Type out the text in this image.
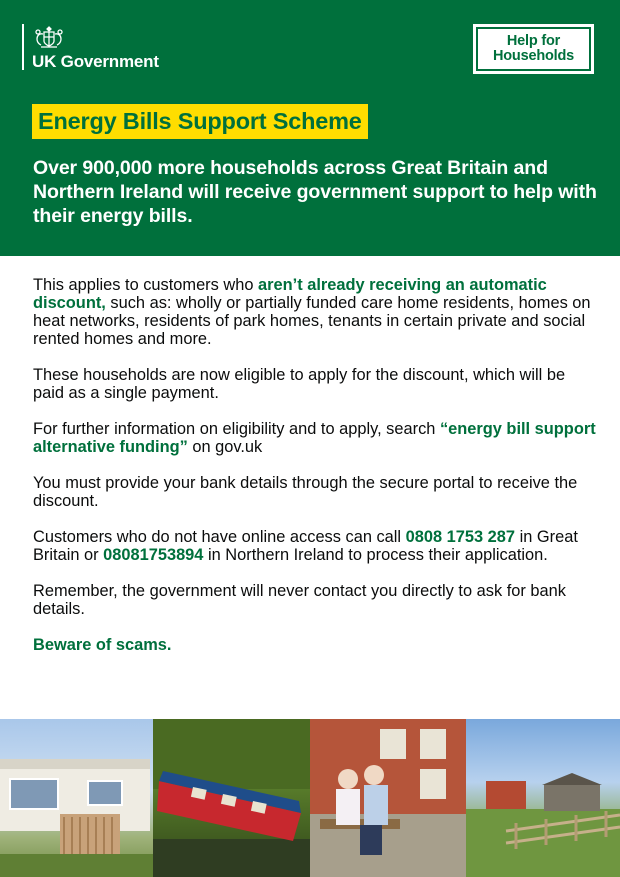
UK Government
Help for
Households
Energy Bills Support Scheme

Over 900,000 more households across Great Britain and Northern Ireland will receive government support to help with their energy bills.

This applies to customers who aren’t already receiving an automatic discount, such as: wholly or partially funded care home residents, homes on heat networks, residents of park homes, tenants in certain private and social rented homes and more.

These households are now eligible to apply for the discount, which will be paid as a single payment.

For further information on eligibility and to apply, search “energy bill support alternative funding” on gov.uk

You must provide your bank details through the secure portal to receive the discount.

Customers who do not have online access can call 0808 1753 287 in Great Britain or 08081753894 in Northern Ireland to process their application.

Remember, the government will never contact you directly to ask for bank details.

Beware of scams.
